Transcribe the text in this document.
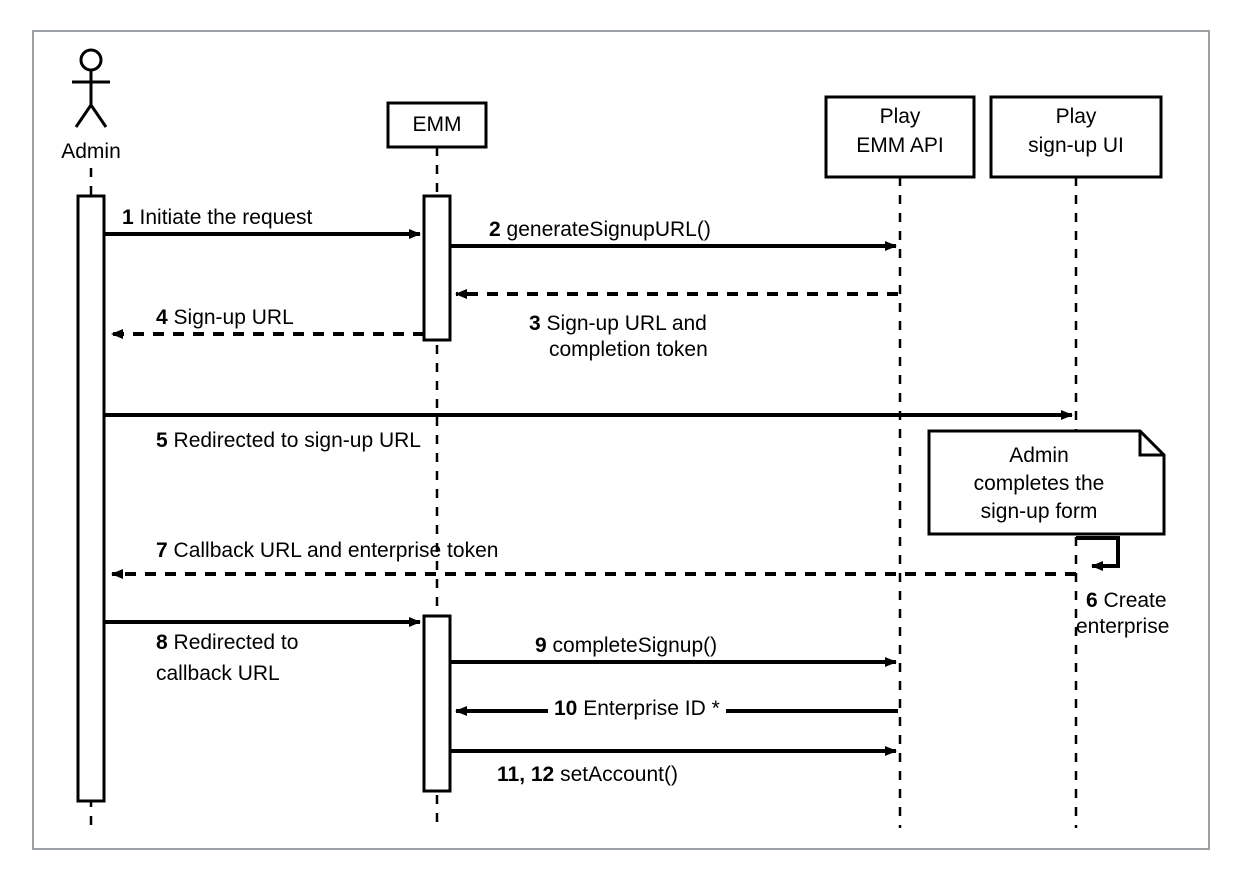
Admin
EMM	Play
EMM API
Play
sign-up UI
1 Initiate the request
2 generateSignupURL()
3 Sign-up URL and
completion token
4 Sign-up URL
5 Redirected to sign-up URL
Admin
completes the
sign-up form
6 Create
enterprise
7 Callback URL and enterprise token
8 Redirected to
callback URL
9 completeSignup()
10 Enterprise ID *
11, 12 setAccount()
